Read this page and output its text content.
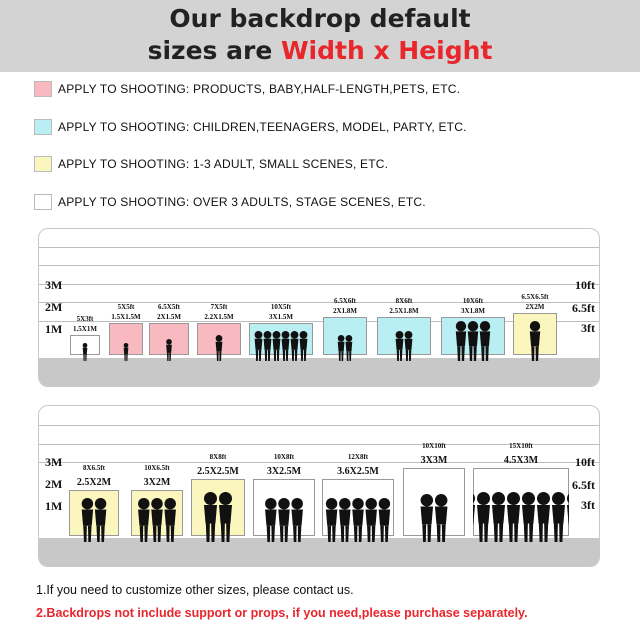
Our backdrop default
sizes are Width x Height
APPLY TO SHOOTING: PRODUCTS, BABY,HALF-LENGTH,PETS, ETC.
APPLY TO SHOOTING: CHILDREN,TEENAGERS, MODEL, PARTY, ETC.
APPLY TO SHOOTING: 1-3 ADULT, SMALL SCENES, ETC.
APPLY TO SHOOTING: OVER 3 ADULTS, STAGE SCENES, ETC.
3M
2M
1M
10ft
6.5ft
3ft
5X3ft
1.5X1M
5X5ft
1.5X1.5M
6.5X5ft
2X1.5M
7X5ft
2.2X1.5M
10X5ft
3X1.5M
6.5X6ft
2X1.8M
8X6ft
2.5X1.8M
10X6ft
3X1.8M
6.5X6.5ft
2X2M
3M
2M
1M
10ft
6.5ft
3ft
8X6.5ft
2.5X2M
10X6.5ft
3X2M
8X8ft
2.5X2.5M
10X8ft
3X2.5M
12X8ft
3.6X2.5M
10X10ft
3X3M
15X10ft
4.5X3M
1.If you need to customize other sizes, please contact us.
2.Backdrops not include support or props, if you need,please purchase separately.
